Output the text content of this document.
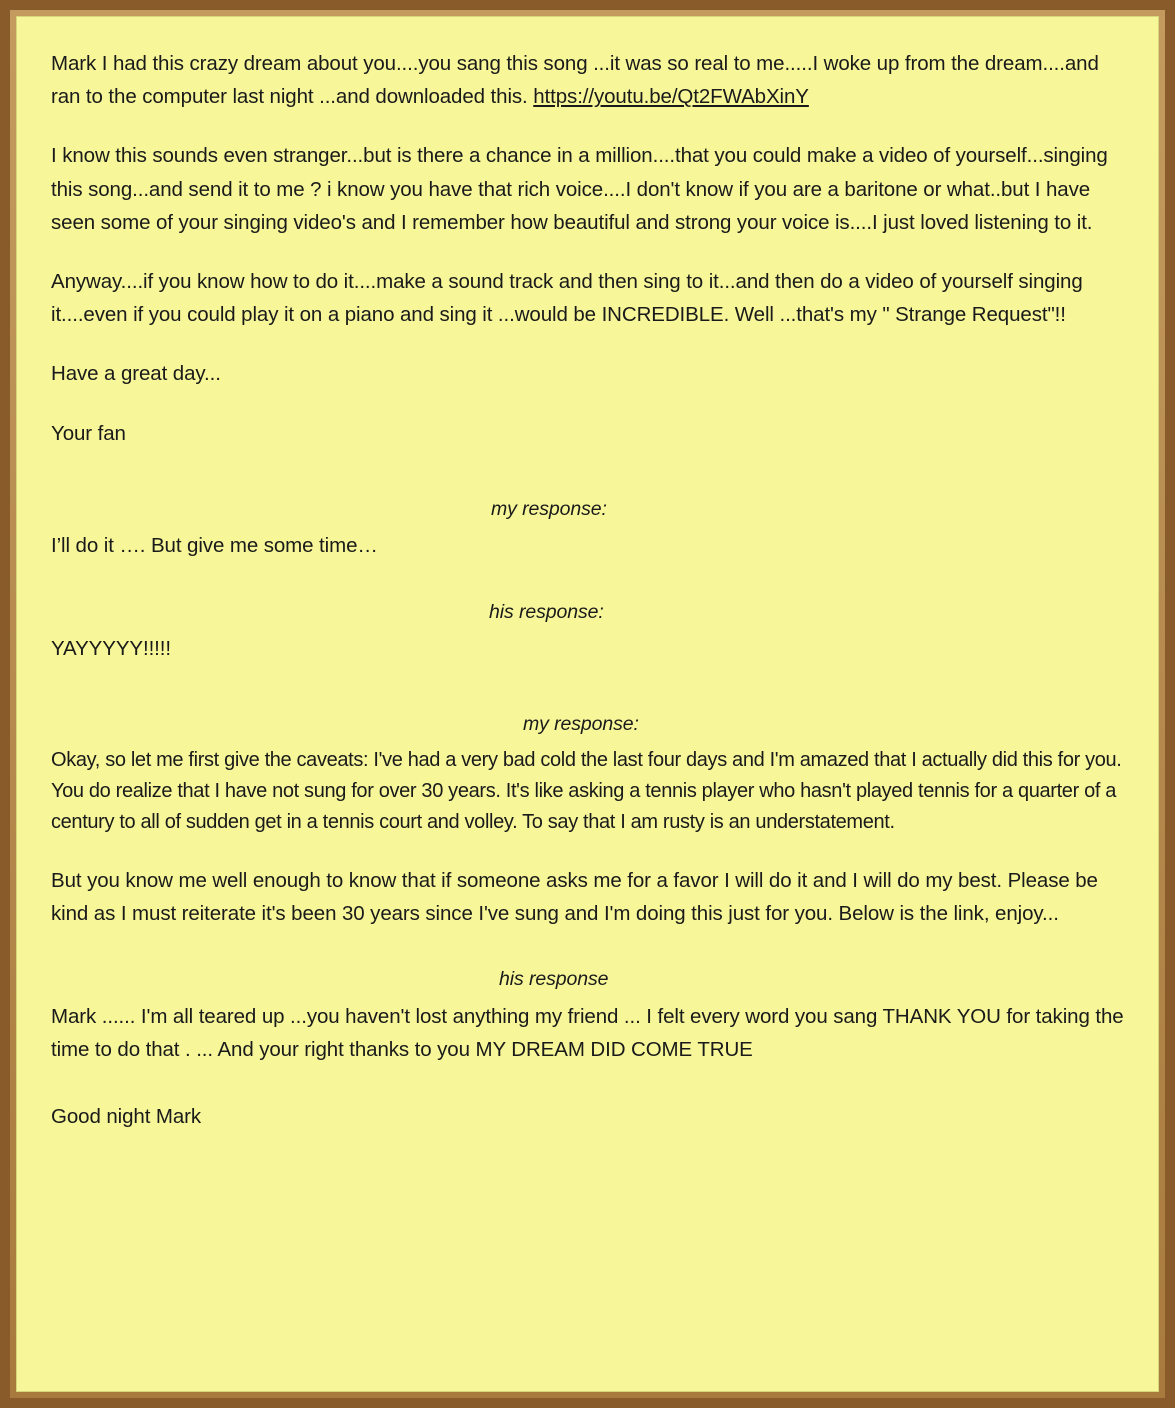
Mark I had this crazy dream about you....you sang this song ...it was so real to me.....I woke up from the dream....and ran to the computer last night ...and downloaded this. https://youtu.be/Qt2FWAbXinY

I know this sounds even stranger...but is there a chance in a million....that you could make a video of yourself...singing this song...and send it to me ? i know you have that rich voice....I don't know if you are a baritone or what..but I have seen some of your singing video's and I remember how beautiful and strong your voice is....I just loved listening to it.

Anyway....if you know how to do it....make a sound track and then sing to it...and then do a video of yourself singing it....even if you could play it on a piano and sing it ...would be INCREDIBLE. Well ...that's my " Strange Request"!!

Have a great day...

Your fan

my response:

I’ll do it …. But give me some time…

his response:

YAYYYYY!!!!!

my response:

Okay, so let me first give the caveats: I've had a very bad cold the last four days and I'm amazed that I actually did this for you. You do realize that I have not sung for over 30 years. It's like asking a tennis player who hasn't played tennis for a quarter of a century to all of sudden get in a tennis court and volley. To say that I am rusty is an understatement.

But you know me well enough to know that if someone asks me for a favor I will do it and I will do my best. Please be kind as I must reiterate it's been 30 years since I've sung and I'm doing this just for you. Below is the link, enjoy...

his response

Mark ...... I'm all teared up ...you haven't lost anything my friend ... I felt every word you sang THANK YOU for taking the time to do that . ... And your right thanks to you MY DREAM DID COME TRUE

Good night Mark
